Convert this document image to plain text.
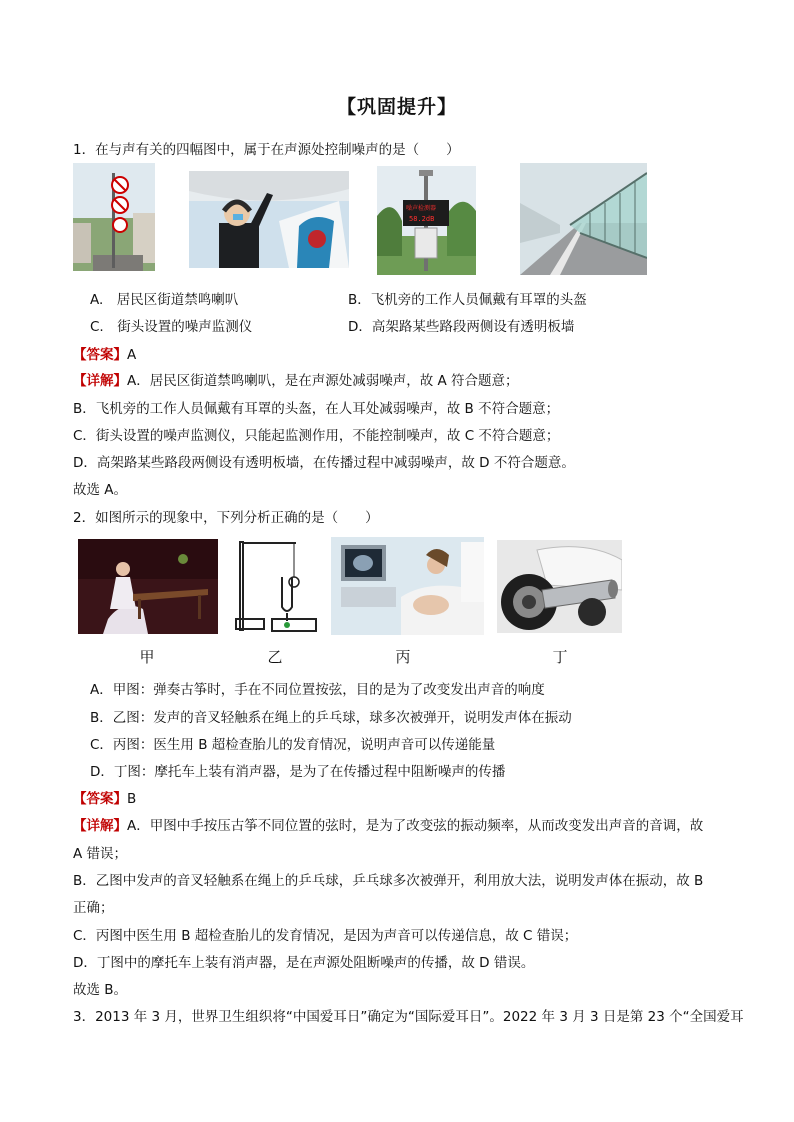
【巩固提升】
1．在与声有关的四幅图中，属于在声源处控制噪声的是（　　）
噪声检测器
58.2dB
A.　居民区街道禁鸣喇叭	B．飞机旁的工作人员佩戴有耳罩的头盔
C.　街头设置的噪声监测仪	D．高架路某些路段两侧设有透明板墙
【答案】A
【详解】A．居民区街道禁鸣喇叭，是在声源处减弱噪声，故 A 符合题意；
B．飞机旁的工作人员佩戴有耳罩的头盔，在人耳处减弱噪声，故 B 不符合题意；
C．街头设置的噪声监测仪，只能起监测作用，不能控制噪声，故 C 不符合题意；
D．高架路某些路段两侧设有透明板墙，在传播过程中减弱噪声，故 D 不符合题意。
故选 A。
2．如图所示的现象中，下列分析正确的是（　　）
甲	乙	丙	丁
A．甲图：弹奏古筝时，手在不同位置按弦，目的是为了改变发出声音的响度
B．乙图：发声的音叉轻触系在绳上的乒乓球，球多次被弹开，说明发声体在振动
C．丙图：医生用 B 超检查胎儿的发育情况，说明声音可以传递能量
D．丁图：摩托车上装有消声器，是为了在传播过程中阻断噪声的传播
【答案】B
【详解】A．甲图中手按压古筝不同位置的弦时，是为了改变弦的振动频率，从而改变发出声音的音调，故
A 错误；
B．乙图中发声的音叉轻触系在绳上的乒乓球，乒乓球多次被弹开，利用放大法，说明发声体在振动，故 B
正确；
C．丙图中医生用 B 超检查胎儿的发育情况，是因为声音可以传递信息，故 C 错误；
D．丁图中的摩托车上装有消声器，是在声源处阻断噪声的传播，故 D 错误。
故选 B。
3．2013 年 3 月，世界卫生组织将“中国爱耳日”确定为“国际爱耳日”。2022 年 3 月 3 日是第 23 个“全国爱耳
